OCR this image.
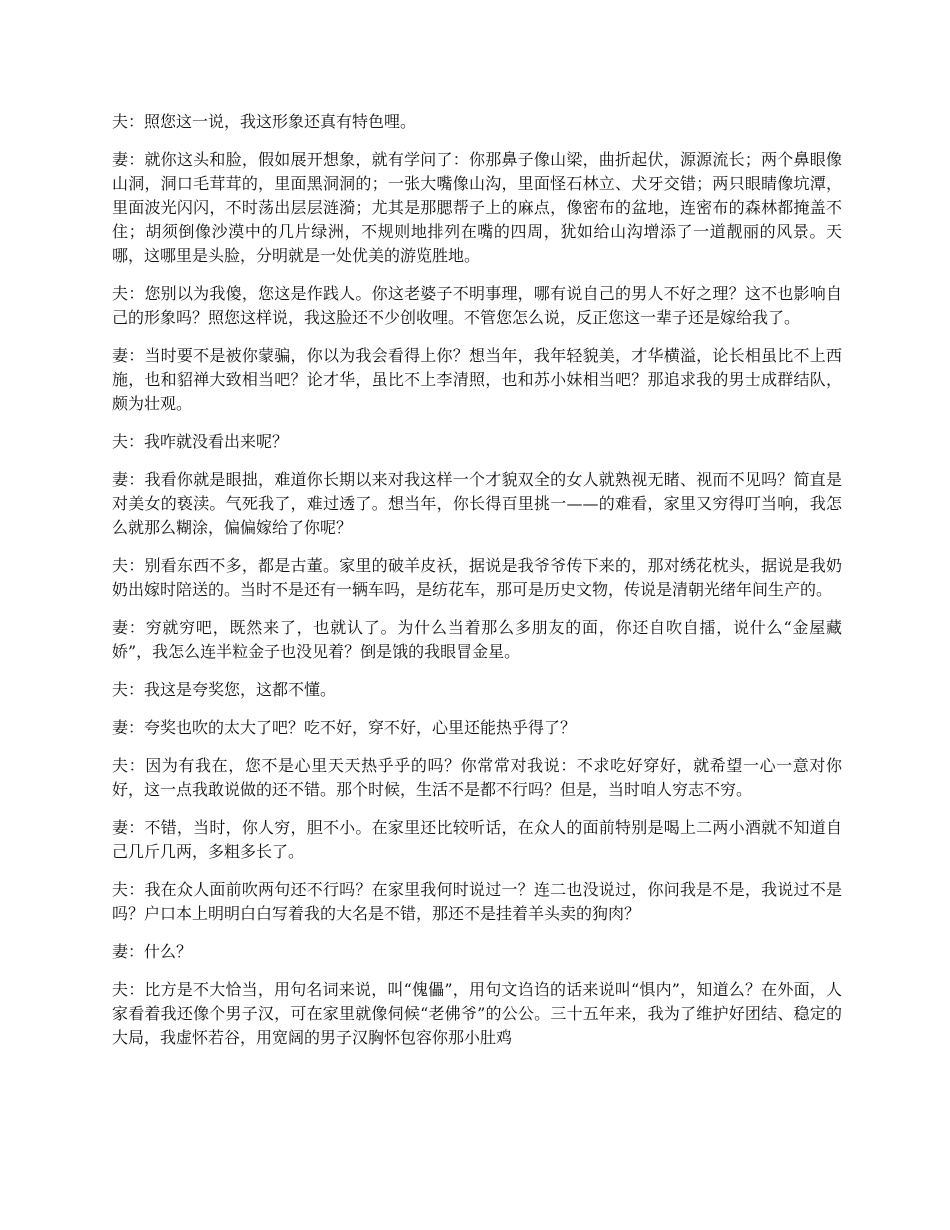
夫：照您这一说，我这形象还真有特色哩。

妻：就你这头和脸，假如展开想象，就有学问了：你那鼻子像山梁，曲折起伏，源源流长；两个鼻眼像山洞，洞口毛茸茸的，里面黑洞洞的；一张大嘴像山沟，里面怪石林立、犬牙交错；两只眼睛像坑潭，里面波光闪闪，不时荡出层层涟漪；尤其是那腮帮子上的麻点，像密布的盆地，连密布的森林都掩盖不住；胡须倒像沙漠中的几片绿洲，不规则地排列在嘴的四周，犹如给山沟增添了一道靓丽的风景。天哪，这哪里是头脸，分明就是一处优美的游览胜地。

夫：您别以为我傻，您这是作践人。你这老婆子不明事理，哪有说自己的男人不好之理？这不也影响自己的形象吗？照您这样说，我这脸还不少创收哩。不管您怎么说，反正您这一辈子还是嫁给我了。

妻：当时要不是被你蒙骗，你以为我会看得上你？想当年，我年轻貌美，才华横溢，论长相虽比不上西施，也和貂禅大致相当吧？论才华，虽比不上李清照，也和苏小妹相当吧？那追求我的男士成群结队，颇为壮观。

夫：我咋就没看出来呢？

妻：我看你就是眼拙，难道你长期以来对我这样一个才貌双全的女人就熟视无睹、视而不见吗？简直是对美女的亵渎。气死我了，难过透了。想当年，你长得百里挑一——的难看，家里又穷得叮当响，我怎么就那么糊涂，偏偏嫁给了你呢？

夫：别看东西不多，都是古董。家里的破羊皮袄，据说是我爷爷传下来的，那对绣花枕头，据说是我奶奶出嫁时陪送的。当时不是还有一辆车吗，是纺花车，那可是历史文物，传说是清朝光绪年间生产的。

妻：穷就穷吧，既然来了，也就认了。为什么当着那么多朋友的面，你还自吹自擂，说什么“金屋藏娇”，我怎么连半粒金子也没见着？倒是饿的我眼冒金星。

夫：我这是夸奖您，这都不懂。

妻：夸奖也吹的太大了吧？吃不好，穿不好，心里还能热乎得了？

夫：因为有我在，您不是心里天天热乎乎的吗？你常常对我说：不求吃好穿好，就希望一心一意对你好，这一点我敢说做的还不错。那个时候，生活不是都不行吗？但是，当时咱人穷志不穷。

妻：不错，当时，你人穷，胆不小。在家里还比较听话，在众人的面前特别是喝上二两小酒就不知道自己几斤几两，多粗多长了。

夫：我在众人面前吹两句还不行吗？在家里我何时说过一？连二也没说过，你问我是不是，我说过不是吗？户口本上明明白白写着我的大名是不错，那还不是挂着羊头卖的狗肉？

妻：什么？

夫：比方是不大恰当，用句名词来说，叫“傀儡”，用句文诌诌的话来说叫“惧内”，知道么？在外面，人家看着我还像个男子汉，可在家里就像伺候“老佛爷”的公公。三十五年来，我为了维护好团结、稳定的大局，我虚怀若谷，用宽阔的男子汉胸怀包容你那小肚鸡
